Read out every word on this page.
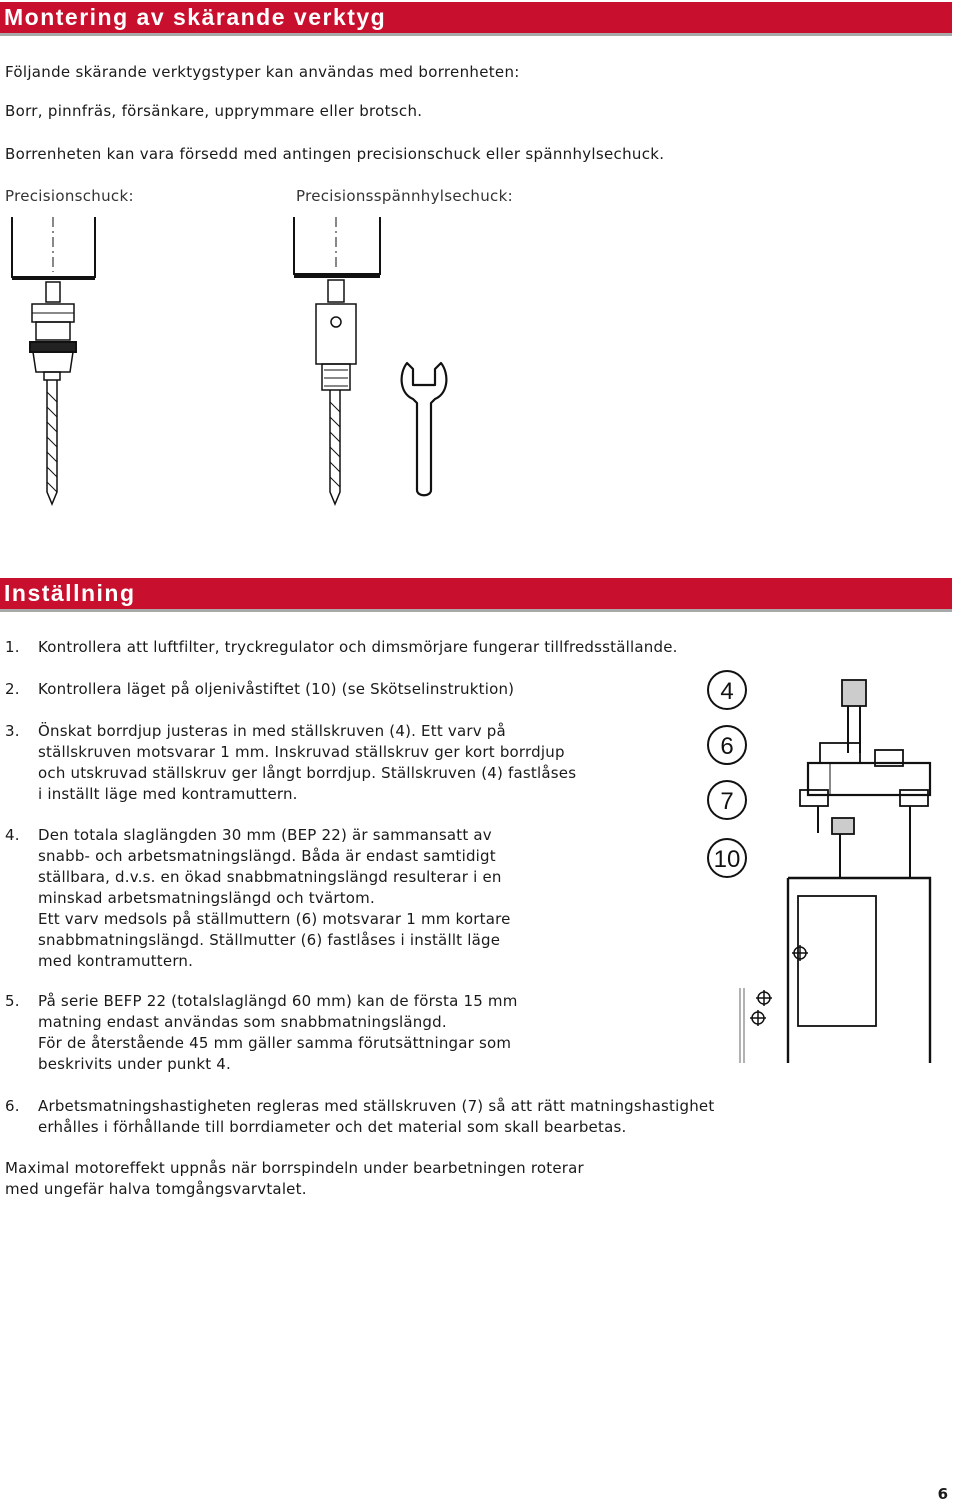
Montering av skärande verktyg
Följande skärande verktygstyper kan användas med borrenheten:
Borr, pinnfräs, försänkare, upprymmare eller brotsch.
Borrenheten kan vara försedd med antingen precisionschuck eller spännhylsechuck.
Precisionschuck:	Precisionsspännhylsechuck:
Inställning
1. Kontrollera att luftfilter, tryckregulator och dimsmörjare fungerar tillfredsställande.
2. Kontrollera läget på oljenivåstiftet (10) (se Skötselinstruktion)
3. Önskat borrdjup justeras in med ställskruven (4). Ett varv på
ställskruven motsvarar 1 mm. Inskruvad ställskruv ger kort borrdjup
och utskruvad ställskruv ger långt borrdjup. Ställskruven (4) fastlåses
i inställt läge med kontramuttern.
4. Den totala slaglängden 30 mm (BEP 22) är sammansatt av
snabb- och arbetsmatningslängd. Båda är endast samtidigt
ställbara, d.v.s. en ökad snabbmatningslängd resulterar i en
minskad arbetsmatningslängd och tvärtom.
Ett varv medsols på ställmuttern (6) motsvarar 1 mm kortare
snabbmatningslängd. Ställmutter (6) fastlåses i inställt läge
med kontramuttern.
5. På serie BEFP 22 (totalslaglängd 60 mm) kan de första 15 mm
matning endast användas som snabbmatningslängd.
För de återstående 45 mm gäller samma förutsättningar som
beskrivits under punkt 4.
6. Arbetsmatningshastigheten regleras med ställskruven (7) så att rätt matningshastighet
erhålles i förhållande till borrdiameter och det material som skall bearbetas.
Maximal motoreffekt uppnås när borrspindeln under bearbetningen roterar
med ungefär halva tomgångsvarvtalet.
4
6
7
10
6
